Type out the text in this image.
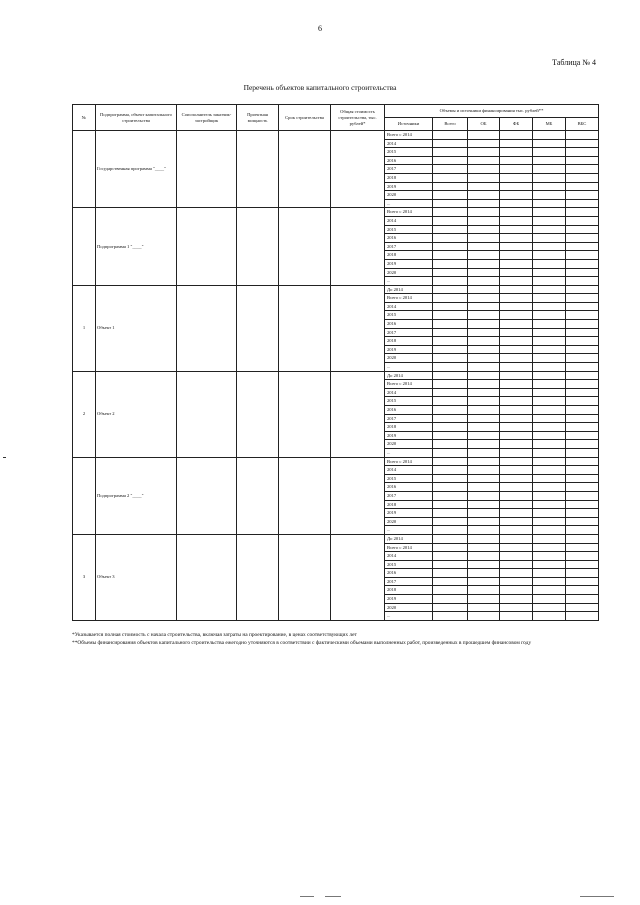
6
Таблица № 4
Перечень объектов капитального строительства
№	Подпрограмма, объект капитального строительства	Соисполнитель заказчик-застройщик	Проектная мощность	Срок строительства	Общая стоимость строительства, тыс. рублей*	Объемы и источники финансирования тыс. рублей**					
						Источники	Всего	ОБ	ФБ	МБ	ВБС
	Государственная программа "____"					Всего с 2014					
						2014					
						2015					
						2016					
						2017					
						2018					
						2019					
						2020					
						...					
	Подпрограмма 1 "____"					Всего с 2014					
						2014					
						2015					
						2016					
						2017					
						2018					
						2019					
						2020					
						...					
1	Объект 1					До 2014					
						Всего с 2014					
						2014					
						2015					
						2016					
						2017					
						2018					
						2019					
						2020					
						...					
2	Объект 2					До 2014					
						Всего с 2014					
						2014					
						2015					
						2016					
						2017					
						2018					
						2019					
						2020					
						...					
	Подпрограмма 2 "____"					Всего с 2014					
						2014					
						2015					
						2016					
						2017					
						2018					
						2019					
						2020					
						...					
3	Объект 3					До 2014					
						Всего с 2014					
						2014					
						2015					
						2016					
						2017					
						2018					
						2019					
						2020					
						...					
*Указывается полная стоимость с начала строительства, включая затраты на проектирование, в ценах соответствующих лет
**Объемы финансирования объектов капитального строительства ежегодно уточняются в соответствии с фактическими объемами выполненных работ, произведенных в прошедшем финансовом году
